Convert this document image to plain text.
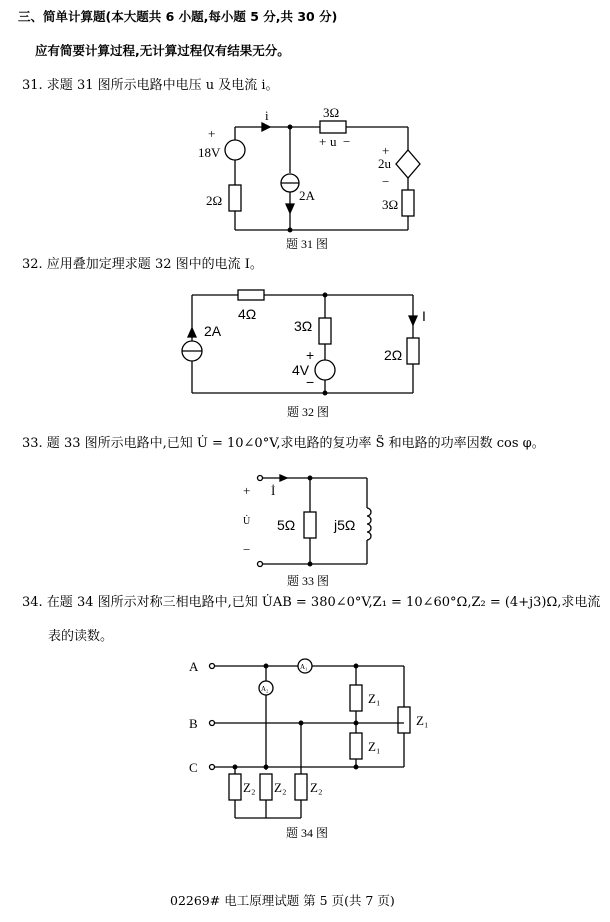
三、简单计算题(本大题共 6 小题,每小题 5 分,共 30 分)
应有简要计算过程,无计算过程仅有结果无分。
31. 求题 31 图所示电路中电压 u 及电流 i。
+
18V
2Ω	2A
3Ω
+ u −
i
+
2u
−
3Ω
题 31 图
32. 应用叠加定理求题 32 图中的电流 I。
2A
4Ω
3Ω
+
4V
−
2Ω
I
题 32 图
33. 题 33 图所示电路中,已知 U̇ = 10∠0°V,求电路的复功率 S̃ 和电路的功率因数 cos φ。
+ İ
U̇
−
5Ω	j5Ω
题 33 图
34. 在题 34 图所示对称三相电路中,已知 U̇AB = 380∠0°V,Z₁ = 10∠60°Ω,Z₂ = (4+j3)Ω,求电流
表的读数。
A
B
C
A₁
A₂
Z₁
Z₁
Z₁
Z₂ Z₂ Z₂
题 34 图
02269# 电工原理试题 第 5 页(共 7 页)
